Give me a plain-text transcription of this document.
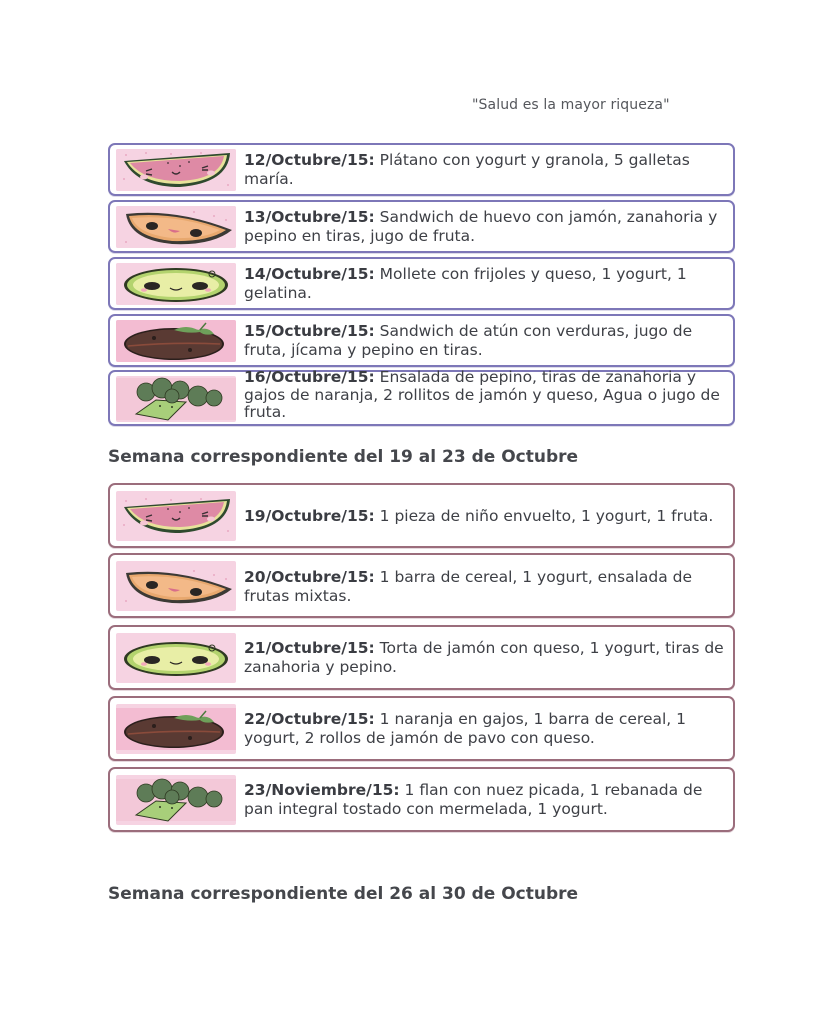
"Salud es la mayor riqueza"
12/Octubre/15: Plátano con yogurt y granola, 5 galletas maría.
13/Octubre/15: Sandwich de huevo con jamón, zanahoria y pepino en tiras, jugo de fruta.
14/Octubre/15: Mollete con frijoles y queso, 1 yogurt, 1 gelatina.
15/Octubre/15: Sandwich de atún con verduras, jugo de fruta, jícama y pepino en tiras.
16/Octubre/15: Ensalada de pepino, tiras de zanahoria y gajos de naranja, 2 rollitos de jamón y queso, Agua o jugo de fruta.
Semana correspondiente del 19 al 23 de Octubre
19/Octubre/15: 1 pieza de niño envuelto, 1 yogurt, 1 fruta.
20/Octubre/15: 1 barra de cereal, 1 yogurt, ensalada de frutas mixtas.
21/Octubre/15: Torta de jamón con queso, 1 yogurt, tiras de zanahoria y pepino.
22/Octubre/15: 1 naranja en gajos, 1 barra de cereal, 1 yogurt, 2 rollos de jamón de pavo con queso.
23/Noviembre/15: 1 flan con nuez picada, 1 rebanada de pan integral tostado con mermelada, 1 yogurt.
Semana correspondiente del 26 al 30 de Octubre
